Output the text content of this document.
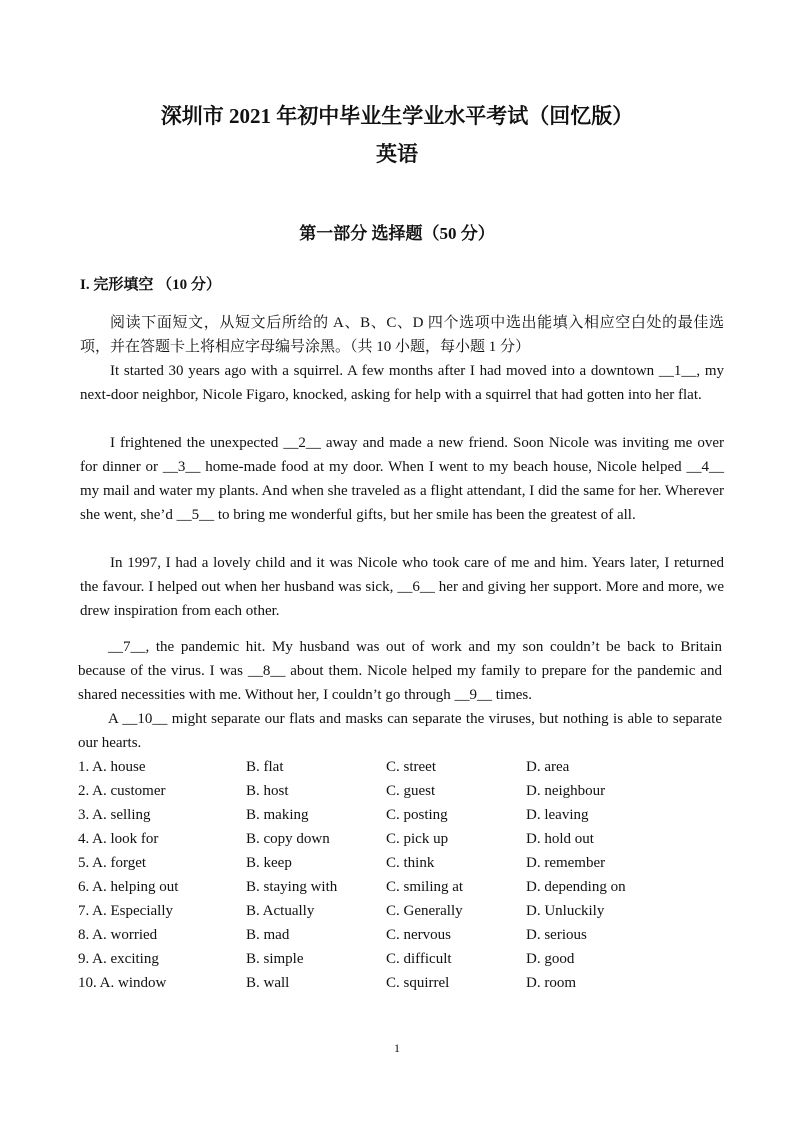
深圳市 2021 年初中毕业生学业水平考试（回忆版）
英语
第一部分 选择题（50 分）
I. 完形填空 （10 分）

阅读下面短文，从短文后所给的 A、B、C、D 四个选项中选出能填入相应空白处的最佳选项，并在答题卡上将相应字母编号涂黑。（共 10 小题，每小题 1 分）

It started 30 years ago with a squirrel. A few months after I had moved into a downtown __1__, my next-door neighbor, Nicole Figaro, knocked, asking for help with a squirrel that had gotten into her flat.

I frightened the unexpected __2__ away and made a new friend. Soon Nicole was inviting me over for dinner or __3__ home-made food at my door. When I went to my beach house, Nicole helped __4__ my mail and water my plants. And when she traveled as a flight attendant, I did the same for her. Wherever she went, she’d __5__ to bring me wonderful gifts, but her smile has been the greatest of all.

In 1997, I had a lovely child and it was Nicole who took care of me and him. Years later, I returned the favour. I helped out when her husband was sick, __6__ her and giving her support. More and more, we drew inspiration from each other.

__7__, the pandemic hit. My husband was out of work and my son couldn’t be back to Britain because of the virus. I was __8__ about them. Nicole helped my family to prepare for the pandemic and shared necessities with me. Without her, I couldn’t go through __9__ times.

A __10__ might separate our flats and masks can separate the viruses, but nothing is able to separate our hearts.

1. A. house	B. flat	C. street	D. area
2. A. customer	B. host	C. guest	D. neighbour
3. A. selling	B. making	C. posting	D. leaving
4. A. look for	B. copy down	C. pick up	D. hold out
5. A. forget	B. keep	C. think	D. remember
6. A. helping out	B. staying with	C. smiling at	D. depending on
7. A. Especially	B. Actually	C. Generally	D. Unluckily
8. A. worried	B. mad	C. nervous	D. serious
9. A. exciting	B. simple	C. difficult	D. good
10. A. window	B. wall	C. squirrel	D. room
1
